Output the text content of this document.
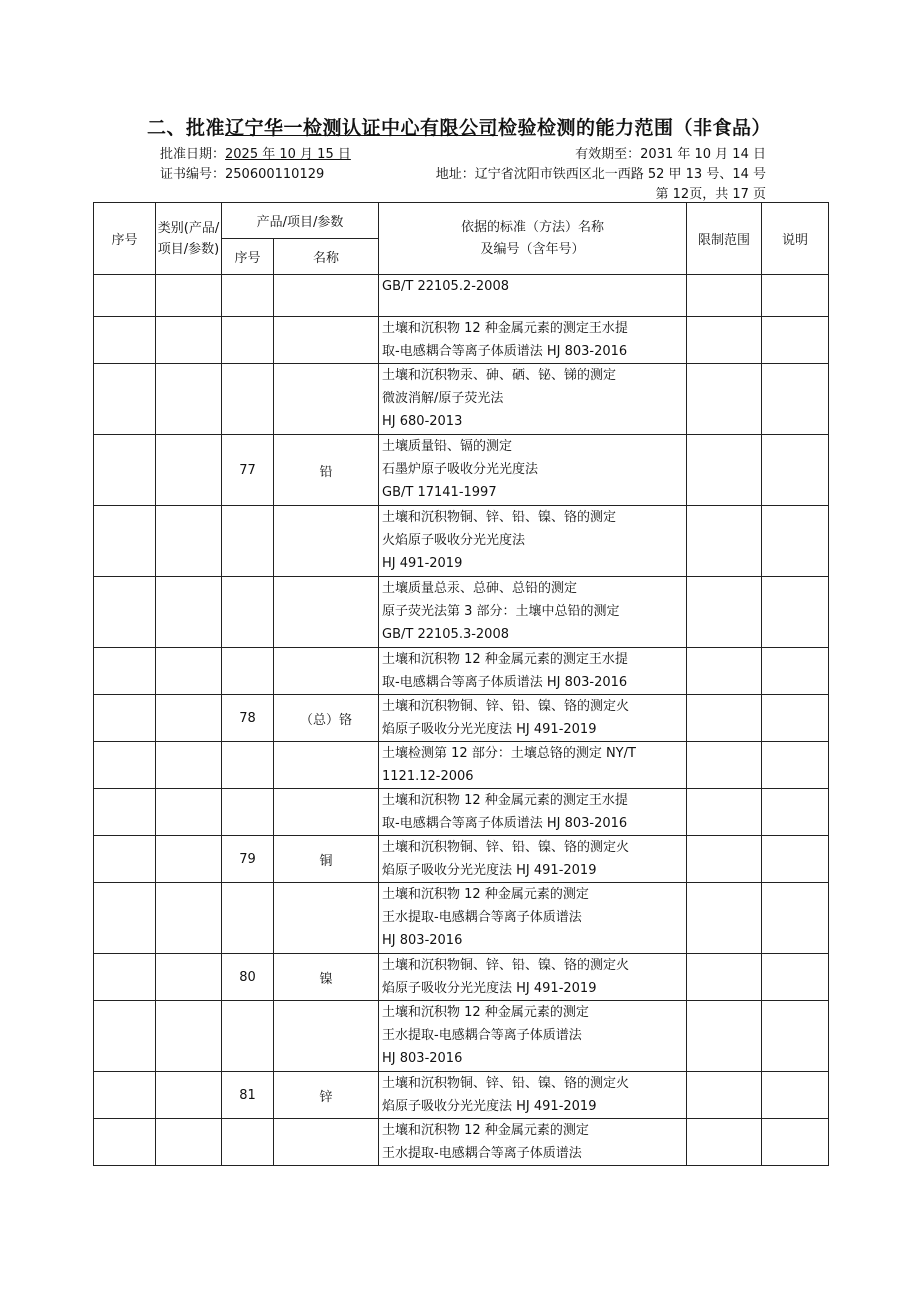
二、批准辽宁华一检测认证中心有限公司检验检测的能力范围（非食品）
批准日期：2025 年 10 月 15 日	有效期至：2031 年 10 月 14 日
证书编号：250600110129	地址：辽宁省沈阳市铁西区北一西路 52 甲 13 号、14 号
第 12页，共 17 页
序号	类别(产品/项目/参数)	产品/项目/参数		依据的标准（方法）名称
及编号（含年号）	限制范围	说明
		序号	名称			

				GB/T 22105.2-2008		

				土壤和沉积物 12 种金属元素的测定王水提
取-电感耦合等离子体质谱法 HJ 803-2016		

				土壤和沉积物汞、砷、硒、铋、锑的测定
微波消解/原子荧光法
HJ 680-2013		

		77	铅	土壤质量铅、镉的测定
石墨炉原子吸收分光光度法
GB/T 17141-1997		

				土壤和沉积物铜、锌、铅、镍、铬的测定
火焰原子吸收分光光度法
HJ 491-2019		

				土壤质量总汞、总砷、总铅的测定
原子荧光法第 3 部分：土壤中总铅的测定
GB/T 22105.3-2008		

				土壤和沉积物 12 种金属元素的测定王水提
取-电感耦合等离子体质谱法 HJ 803-2016		

		78	（总）铬	土壤和沉积物铜、锌、铅、镍、铬的测定火
焰原子吸收分光光度法 HJ 491-2019		

				土壤检测第 12 部分：土壤总铬的测定 NY/T
1121.12-2006		

				土壤和沉积物 12 种金属元素的测定王水提
取-电感耦合等离子体质谱法 HJ 803-2016		

		79	铜	土壤和沉积物铜、锌、铅、镍、铬的测定火
焰原子吸收分光光度法 HJ 491-2019		

				土壤和沉积物 12 种金属元素的测定
王水提取-电感耦合等离子体质谱法
HJ 803-2016		

		80	镍	土壤和沉积物铜、锌、铅、镍、铬的测定火
焰原子吸收分光光度法 HJ 491-2019		

				土壤和沉积物 12 种金属元素的测定
王水提取-电感耦合等离子体质谱法
HJ 803-2016		

		81	锌	土壤和沉积物铜、锌、铅、镍、铬的测定火
焰原子吸收分光光度法 HJ 491-2019		

				土壤和沉积物 12 种金属元素的测定
王水提取-电感耦合等离子体质谱法		
